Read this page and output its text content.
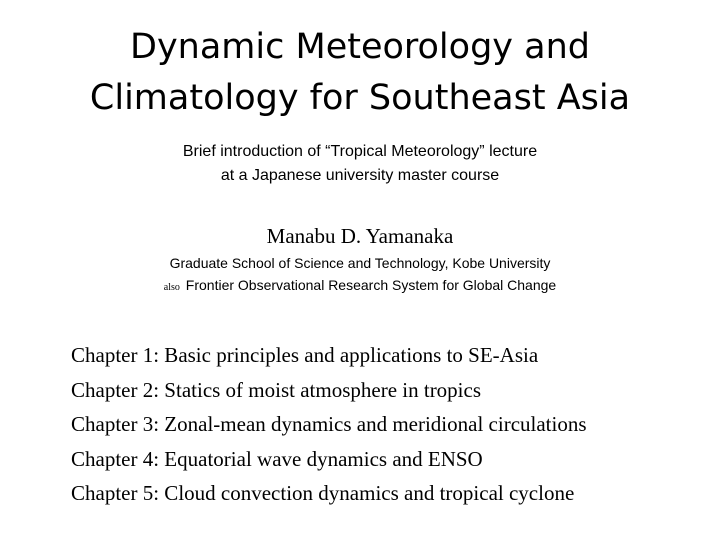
Dynamic Meteorology and
Climatology for Southeast Asia
Brief introduction of “Tropical Meteorology” lecture
at a Japanese university master course
Manabu D. Yamanaka
Graduate School of Science and Technology, Kobe University
also Frontier Observational Research System for Global Change
Chapter 1: Basic principles and applications to SE-Asia
Chapter 2: Statics of moist atmosphere in tropics
Chapter 3: Zonal-mean dynamics and meridional circulations
Chapter 4: Equatorial wave dynamics and ENSO
Chapter 5: Cloud convection dynamics and tropical cyclone
